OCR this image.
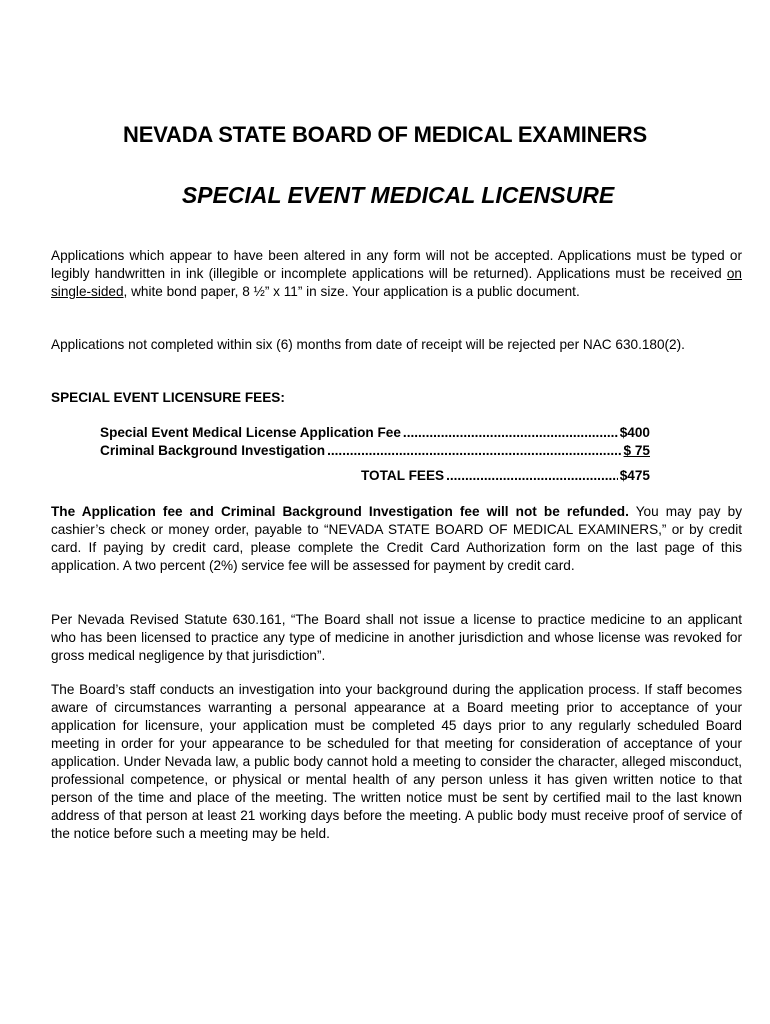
NEVADA STATE BOARD OF MEDICAL EXAMINERS
SPECIAL EVENT MEDICAL LICENSURE

Applications which appear to have been altered in any form will not be accepted. Applications must be typed or legibly handwritten in ink (illegible or incomplete applications will be returned). Applications must be received on single-sided, white bond paper, 8 ½” x 11” in size. Your application is a public document.

Applications not completed within six (6) months from date of receipt will be rejected per NAC 630.180(2).

SPECIAL EVENT LICENSURE FEES:

Special Event Medical License Application Fee .....	$400
Criminal Background Investigation .....	$ 75
TOTAL FEES .....	$475

The Application fee and Criminal Background Investigation fee will not be refunded. You may pay by cashier’s check or money order, payable to “NEVADA STATE BOARD OF MEDICAL EXAMINERS,” or by credit card. If paying by credit card, please complete the Credit Card Authorization form on the last page of this application. A two percent (2%) service fee will be assessed for payment by credit card.

Per Nevada Revised Statute 630.161, “The Board shall not issue a license to practice medicine to an applicant who has been licensed to practice any type of medicine in another jurisdiction and whose license was revoked for gross medical negligence by that jurisdiction”.

The Board’s staff conducts an investigation into your background during the application process. If staff becomes aware of circumstances warranting a personal appearance at a Board meeting prior to acceptance of your application for licensure, your application must be completed 45 days prior to any regularly scheduled Board meeting in order for your appearance to be scheduled for that meeting for consideration of acceptance of your application. Under Nevada law, a public body cannot hold a meeting to consider the character, alleged misconduct, professional competence, or physical or mental health of any person unless it has given written notice to that person of the time and place of the meeting. The written notice must be sent by certified mail to the last known address of that person at least 21 working days before the meeting. A public body must receive proof of service of the notice before such a meeting may be held.
